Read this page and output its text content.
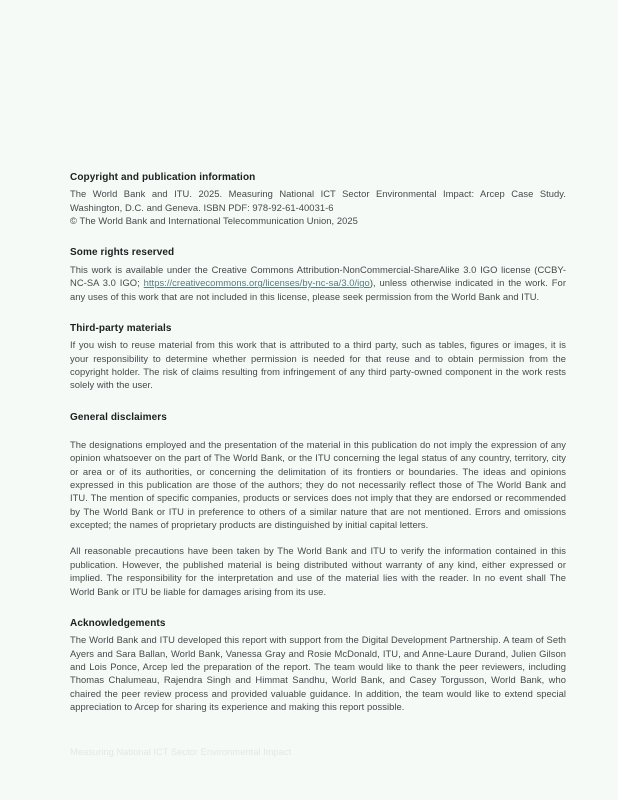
Copyright and publication information

The World Bank and ITU. 2025. Measuring National ICT Sector Environmental Impact: Arcep Case Study. Washington, D.C. and Geneva. ISBN PDF: 978-92-61-40031-6

© The World Bank and International Telecommunication Union, 2025

Some rights reserved

This work is available under the Creative Commons Attribution-NonCommercial-ShareAlike 3.0 IGO license (CCBY-NC-SA 3.0 IGO; https://creativecommons.org/licenses/by-nc-sa/3.0/igo), unless otherwise indicated in the work. For any uses of this work that are not included in this license, please seek permission from the World Bank and ITU.

Third-party materials

If you wish to reuse material from this work that is attributed to a third party, such as tables, figures or images, it is your responsibility to determine whether permission is needed for that reuse and to obtain permission from the copyright holder. The risk of claims resulting from infringement of any third party-owned component in the work rests solely with the user.

General disclaimers

The designations employed and the presentation of the material in this publication do not imply the expression of any opinion whatsoever on the part of The World Bank, or the ITU concerning the legal status of any country, territory, city or area or of its authorities, or concerning the delimitation of its frontiers or boundaries. The ideas and opinions expressed in this publication are those of the authors; they do not necessarily reflect those of The World Bank and ITU. The mention of specific companies, products or services does not imply that they are endorsed or recommended by The World Bank or ITU in preference to others of a similar nature that are not mentioned. Errors and omissions excepted; the names of proprietary products are distinguished by initial capital letters.

All reasonable precautions have been taken by The World Bank and ITU to verify the information contained in this publication. However, the published material is being distributed without warranty of any kind, either expressed or implied. The responsibility for the interpretation and use of the material lies with the reader. In no event shall The World Bank or ITU be liable for damages arising from its use.

Acknowledgements

The World Bank and ITU developed this report with support from the Digital Development Partnership. A team of Seth Ayers and Sara Ballan, World Bank, Vanessa Gray and Rosie McDonald, ITU, and Anne-Laure Durand, Julien Gilson and Lois Ponce, Arcep led the preparation of the report. The team would like to thank the peer reviewers, including Thomas Chalumeau, Rajendra Singh and Himmat Sandhu, World Bank, and Casey Torgusson, World Bank, who chaired the peer review process and provided valuable guidance. In addition, the team would like to extend special appreciation to Arcep for sharing its experience and making this report possible.

Measuring National ICT Sector Environmental Impact
